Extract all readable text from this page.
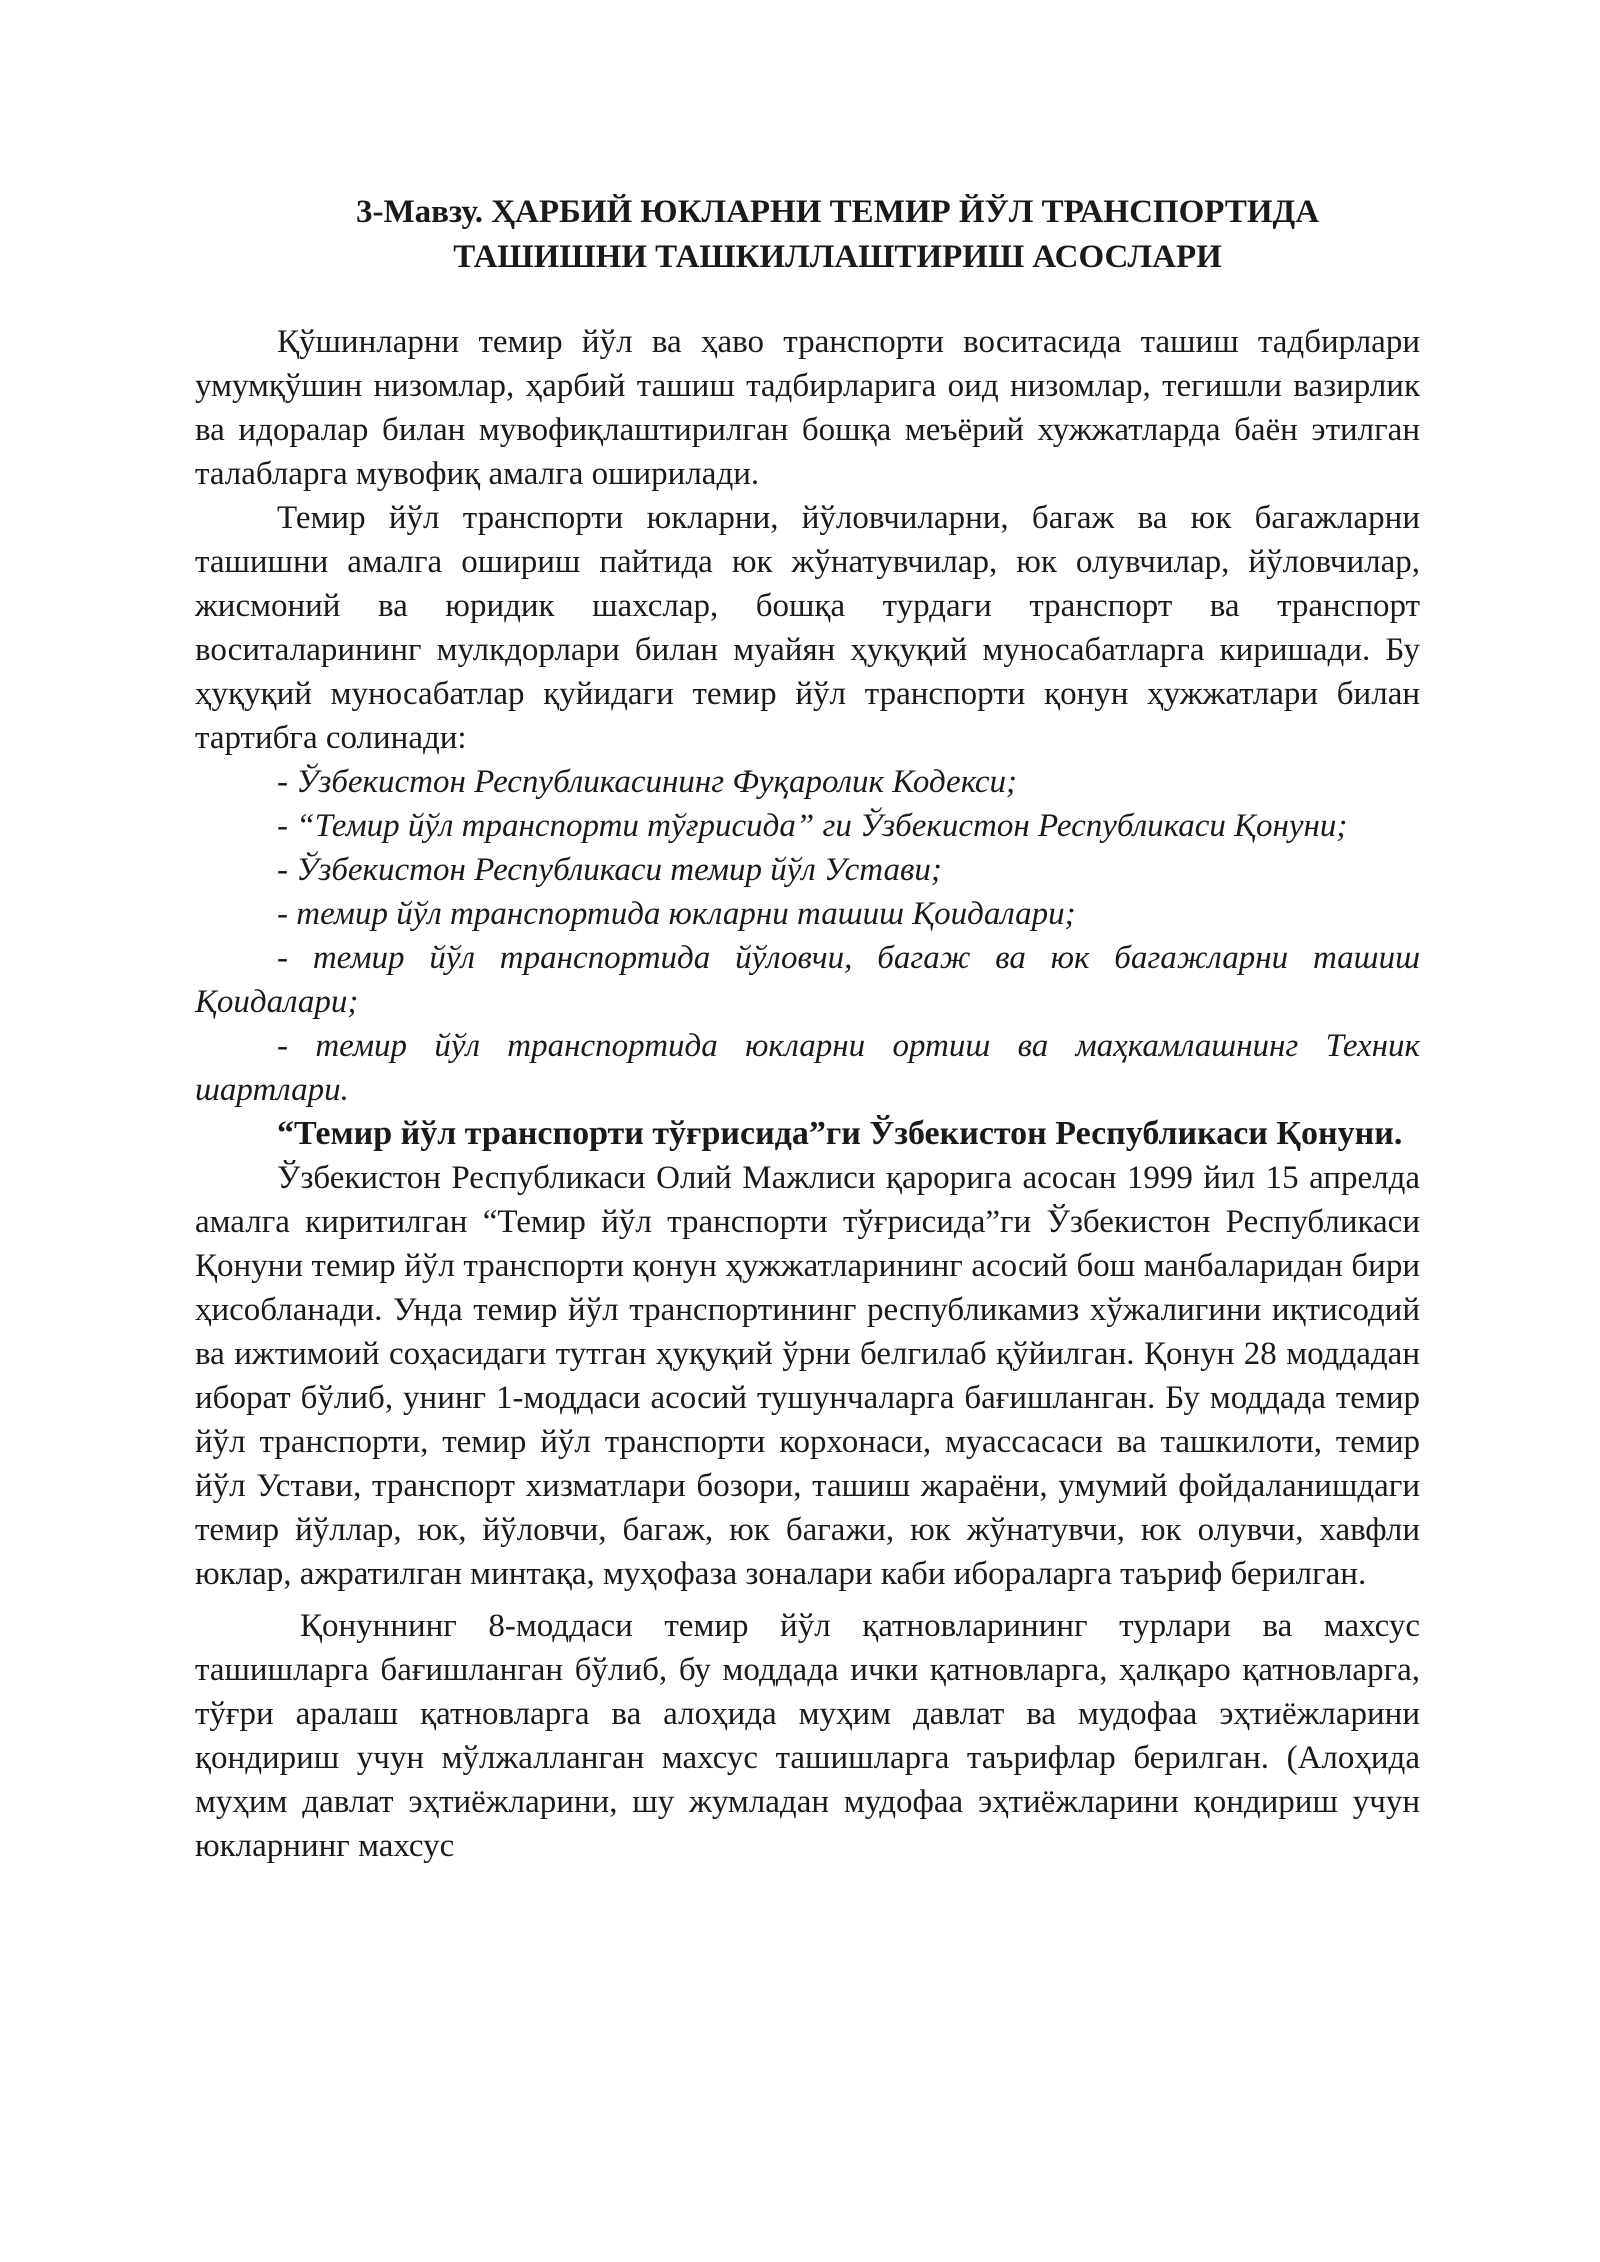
3-Мавзу. ҲАРБИЙ ЮКЛАРНИ ТЕМИР ЙЎЛ ТРАНСПОРТИДА
ТАШИШНИ ТАШКИЛЛАШТИРИШ АСОСЛАРИ

Қўшинларни темир йўл ва ҳаво транспорти воситасида ташиш тадбирлари умумқўшин низомлар, ҳарбий ташиш тадбирларига оид низомлар, тегишли вазирлик ва идоралар билан мувофиқлаштирилган бошқа меъёрий хужжатларда баён этилган талабларга мувофиқ амалга оширилади.

Темир йўл транспорти юкларни, йўловчиларни, багаж ва юк багажларни ташишни амалга ошириш пайтида юк жўнатувчилар, юк олувчилар, йўловчилар, жисмоний ва юридик шахслар, бошқа турдаги транспорт ва транспорт воситаларининг мулкдорлари билан муайян ҳуқуқий муносабатларга киришади. Бу ҳуқуқий муносабатлар қуйидаги темир йўл транспорти қонун ҳужжатлари билан тартибга солинади:

- Ўзбекистон Республикасининг Фуқаролик Кодекси;

- “Темир йўл транспорти тўғрисида” ги Ўзбекистон Республикаси Қонуни;

- Ўзбекистон Республикаси темир йўл Устави;

- темир йўл транспортида юкларни ташиш Қоидалари;

- темир йўл транспортида йўловчи, багаж ва юк багажларни ташиш Қоидалари;

- темир йўл транспортида юкларни ортиш ва маҳкамлашнинг Техник шартлари.

“Темир йўл транспорти тўғрисида”ги Ўзбекистон Республикаси Қонуни.

Ўзбекистон Республикаси Олий Мажлиси қарорига асосан 1999 йил 15 апрелда амалга киритилган “Темир йўл транспорти тўғрисида”ги Ўзбекистон Республикаси Қонуни темир йўл транспорти қонун ҳужжатларининг асосий бош манбаларидан бири ҳисобланади. Унда темир йўл транспортининг республикамиз хўжалигини иқтисодий ва ижтимоий соҳасидаги тутган ҳуқуқий ўрни белгилаб қўйилган. Қонун 28 моддадан иборат бўлиб, унинг 1-моддаси асосий тушунчаларга бағишланган. Бу моддада темир йўл транспорти, темир йўл транспорти корхонаси, муассасаси ва ташкилоти, темир йўл Устави, транспорт хизматлари бозори, ташиш жараёни, умумий фойдаланишдаги темир йўллар, юк, йўловчи, багаж, юк багажи, юк жўнатувчи, юк олувчи, хавфли юклар, ажратилган минтақа, муҳофаза зоналари каби ибораларга таъриф берилган.

Қонуннинг 8-моддаси темир йўл қатновларининг турлари ва махсус ташишларга бағишланган бўлиб, бу моддада ички қатновларга, ҳалқаро қатновларга, тўғри аралаш қатновларга ва алоҳида муҳим давлат ва мудофаа эҳтиёжларини қондириш учун мўлжалланган махсус ташишларга таърифлар берилган. (Алоҳида муҳим давлат эҳтиёжларини, шу жумладан мудофаа эҳтиёжларини қондириш учун юкларнинг махсус
